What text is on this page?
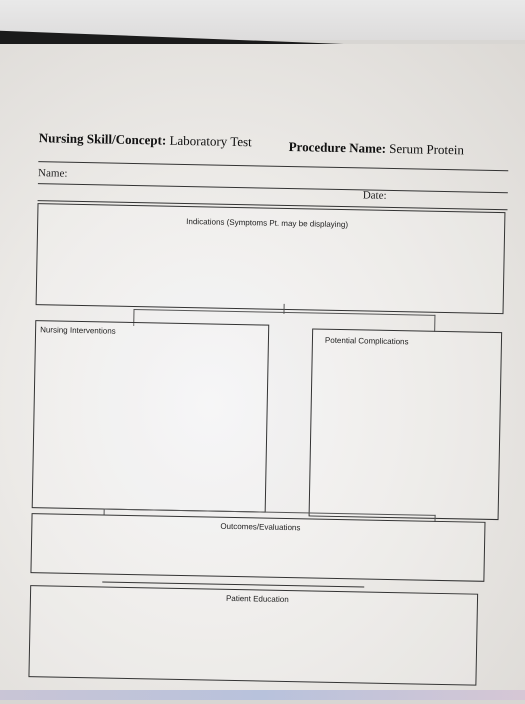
Nursing Skill/Concept: Laboratory Test	Procedure Name: Serum Protein
Name:
Date:
Indications (Symptoms Pt. may be displaying)
Nursing Interventions
Potential Complications
Outcomes/Evaluations
Patient Education
